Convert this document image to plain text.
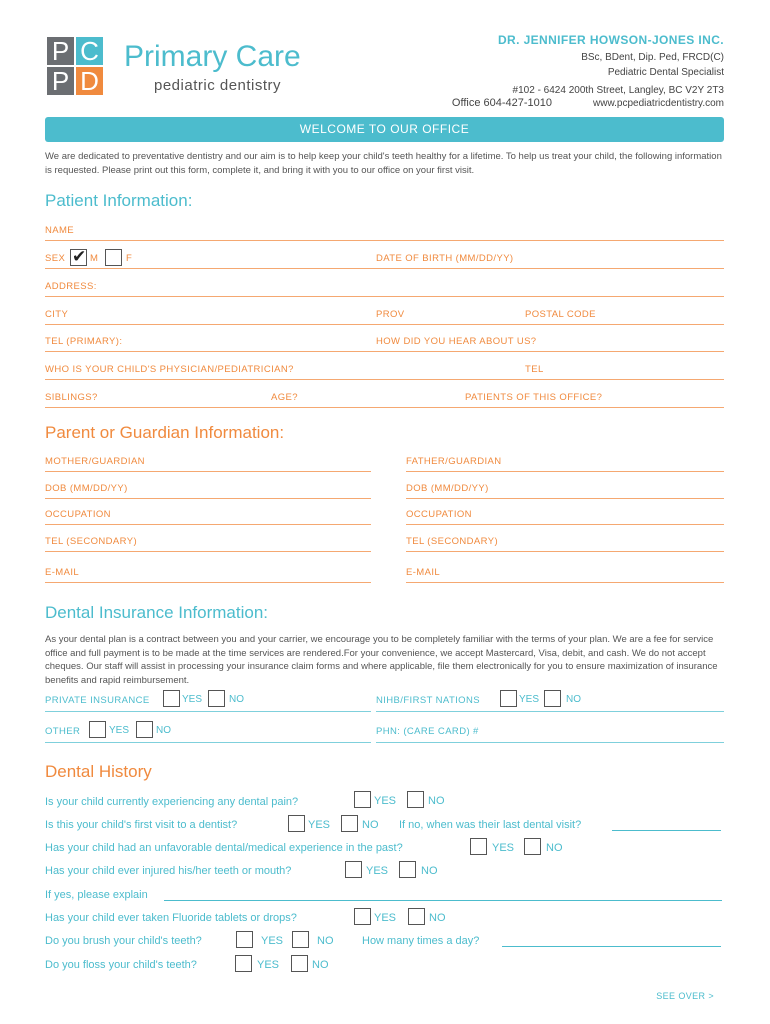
P C
P D
Primary Care
pediatric dentistry
DR. JENNIFER HOWSON-JONES INC.
BSc, BDent, Dip. Ped, FRCD(C)
Pediatric Dental Specialist
#102 - 6424 200th Street, Langley, BC V2Y 2T3
Office 604-427-1010	www.pcpediatricdentistry.com
WELCOME TO OUR OFFICE
We are dedicated to preventative dentistry and our aim is to help keep your child's teeth healthy for a lifetime. To help us treat your child, the following information is requested. Please print out this form, complete it, and bring it with you to our office on your first visit.
Patient Information:
NAME
SEX ✔ M	F	DATE OF BIRTH (MM/DD/YY)
ADDRESS:
CITY	PROV	POSTAL CODE
TEL (PRIMARY):	HOW DID YOU HEAR ABOUT US?
WHO IS YOUR CHILD'S PHYSICIAN/PEDIATRICIAN?	TEL
SIBLINGS?	AGE?	PATIENTS OF THIS OFFICE?
Parent or Guardian Information:
MOTHER/GUARDIAN	FATHER/GUARDIAN
DOB (MM/DD/YY)	DOB (MM/DD/YY)
OCCUPATION	OCCUPATION
TEL (SECONDARY)	TEL (SECONDARY)
E-MAIL	E-MAIL
Dental Insurance Information:
As your dental plan is a contract between you and your carrier, we encourage you to be completely familiar with the terms of your plan. We are a fee for service office and full payment is to be made at the time services are rendered.For your convenience, we accept Mastercard, Visa, debit, and cash. We do not accept cheques. Our staff will assist in processing your insurance claim forms and where applicable, file them electronically for you to ensure maximization of insurance benefits and rapid reimbursement.
PRIVATE INSURANCE	YES	NO	NIHB/FIRST NATIONS	YES	NO
OTHER	YES	NO	PHN: (CARE CARD) #
Dental History
Is your child currently experiencing any dental pain?	YES	NO
Is this your child's first visit to a dentist?	YES	NO If no, when was their last dental visit?
Has your child had an unfavorable dental/medical experience in the past?	YES	NO
Has your child ever injured his/her teeth or mouth?	YES	NO
If yes, please explain
Has your child ever taken Fluoride tablets or drops?	YES	NO
Do you brush your child's teeth?	YES	NO	How many times a day?
Do you floss your child's teeth?	YES	NO
SEE OVER >
